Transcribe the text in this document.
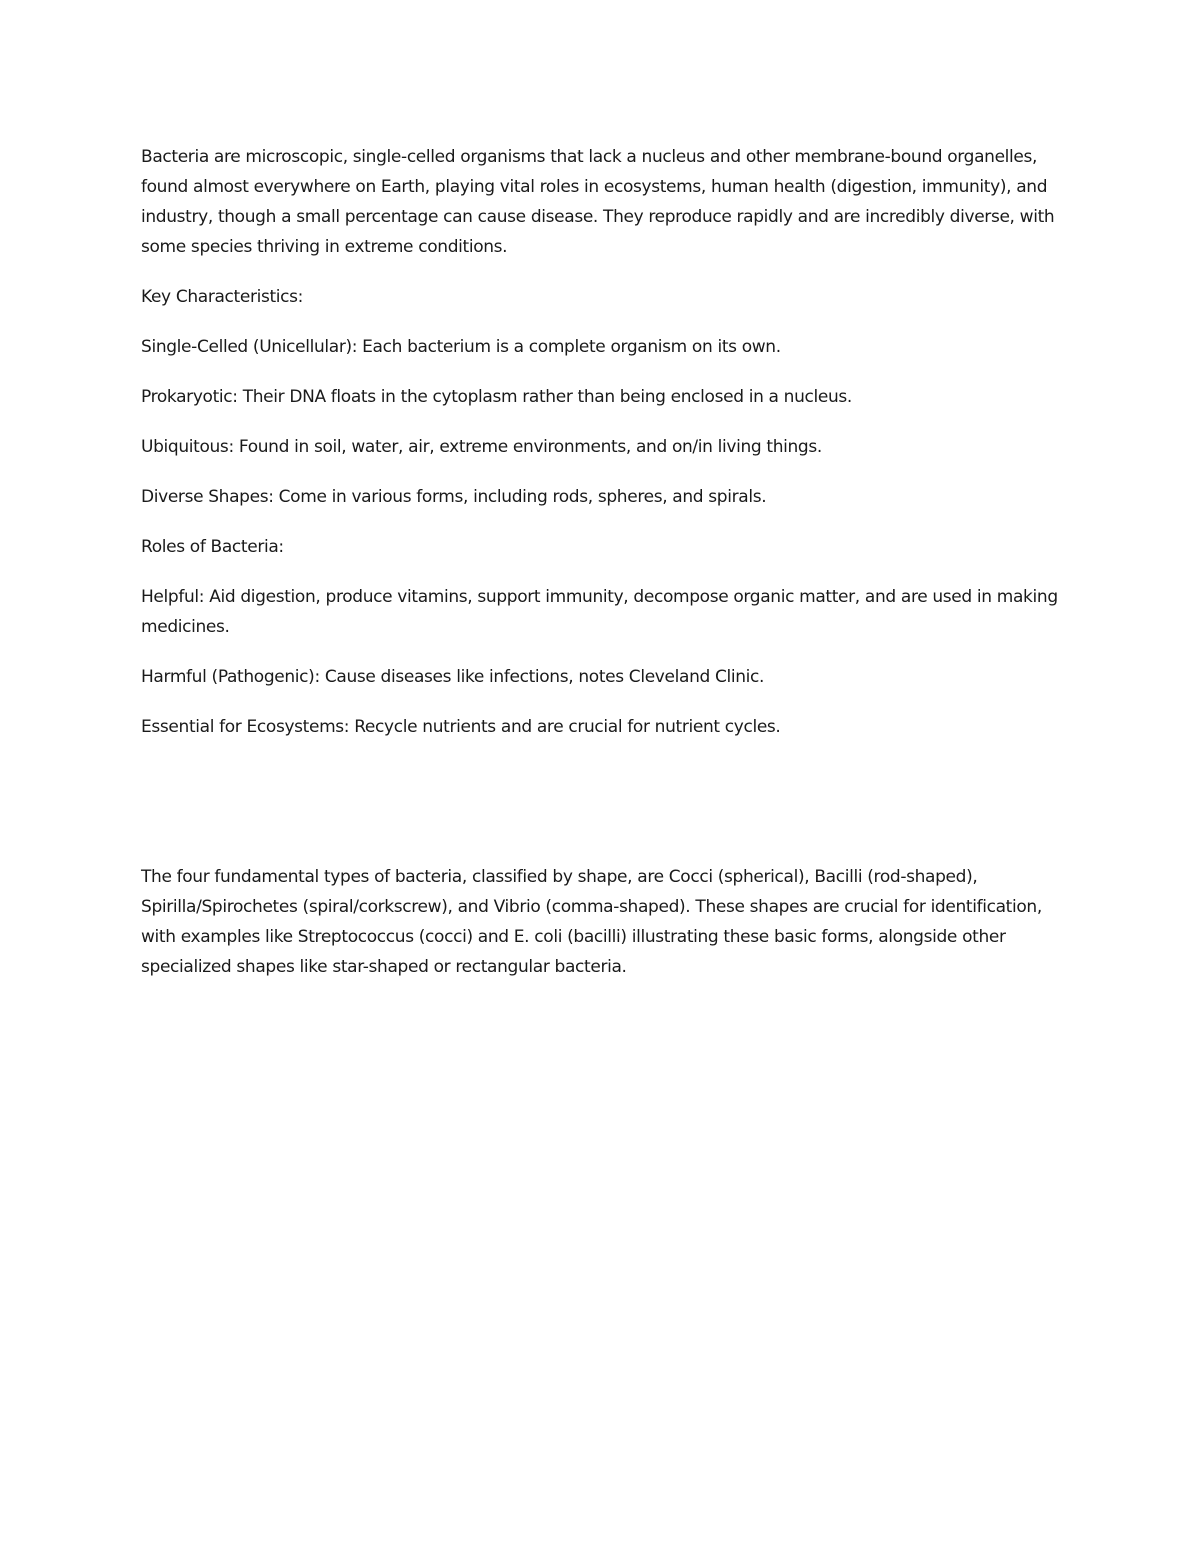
Bacteria are microscopic, single-celled organisms that lack a nucleus and other membrane-bound organelles, found almost everywhere on Earth, playing vital roles in ecosystems, human health (digestion, immunity), and industry, though a small percentage can cause disease. They reproduce rapidly and are incredibly diverse, with some species thriving in extreme conditions.

Key Characteristics:

Single-Celled (Unicellular): Each bacterium is a complete organism on its own.

Prokaryotic: Their DNA floats in the cytoplasm rather than being enclosed in a nucleus.

Ubiquitous: Found in soil, water, air, extreme environments, and on/in living things.

Diverse Shapes: Come in various forms, including rods, spheres, and spirals.

Roles of Bacteria:

Helpful: Aid digestion, produce vitamins, support immunity, decompose organic matter, and are used in making medicines.

Harmful (Pathogenic): Cause diseases like infections, notes Cleveland Clinic.

Essential for Ecosystems: Recycle nutrients and are crucial for nutrient cycles.

The four fundamental types of bacteria, classified by shape, are Cocci (spherical), Bacilli (rod-shaped), Spirilla/Spirochetes (spiral/corkscrew), and Vibrio (comma-shaped). These shapes are crucial for identification, with examples like Streptococcus (cocci) and E. coli (bacilli) illustrating these basic forms, alongside other specialized shapes like star-shaped or rectangular bacteria.
